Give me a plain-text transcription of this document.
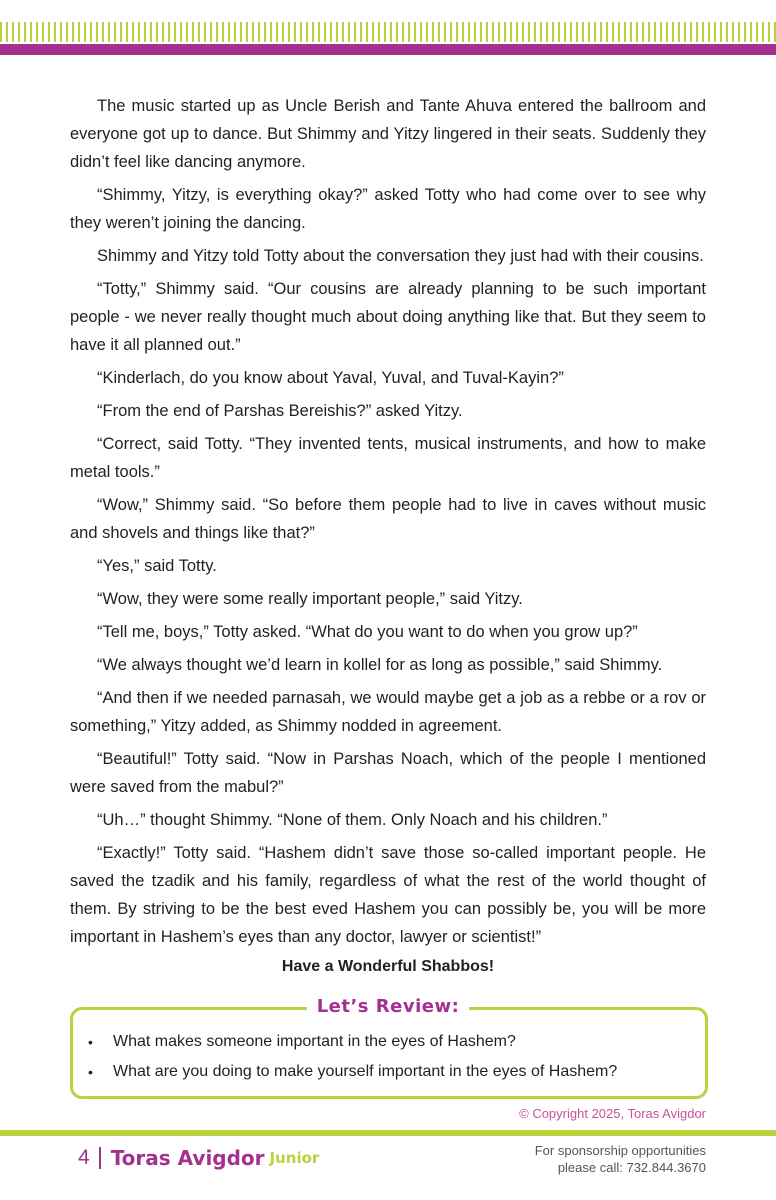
The music started up as Uncle Berish and Tante Ahuva entered the ballroom and everyone got up to dance. But Shimmy and Yitzy lingered in their seats. Suddenly they didn’t feel like dancing anymore.

“Shimmy, Yitzy, is everything okay?” asked Totty who had come over to see why they weren’t joining the dancing.

Shimmy and Yitzy told Totty about the conversation they just had with their cousins.

“Totty,” Shimmy said. “Our cousins are already planning to be such important people - we never really thought much about doing anything like that. But they seem to have it all planned out.”

“Kinderlach, do you know about Yaval, Yuval, and Tuval-Kayin?”

“From the end of Parshas Bereishis?” asked Yitzy.

“Correct, said Totty. “They invented tents, musical instruments, and how to make metal tools.”

“Wow,” Shimmy said. “So before them people had to live in caves without music and shovels and things like that?”

“Yes,” said Totty.

“Wow, they were some really important people,” said Yitzy.

“Tell me, boys,” Totty asked. “What do you want to do when you grow up?”

“We always thought we’d learn in kollel for as long as possible,” said Shimmy.

“And then if we needed parnasah, we would maybe get a job as a rebbe or a rov or something,” Yitzy added, as Shimmy nodded in agreement.

“Beautiful!” Totty said. “Now in Parshas Noach, which of the people I mentioned were saved from the mabul?”

“Uh…” thought Shimmy. “None of them. Only Noach and his children.”

“Exactly!” Totty said. “Hashem didn’t save those so-called important people. He saved the tzadik and his family, regardless of what the rest of the world thought of them. By striving to be the best eved Hashem you can possibly be, you will be more important in Hashem’s eyes than any doctor, lawyer or scientist!”

Have a Wonderful Shabbos!
Let’s Review:
•	What makes someone important in the eyes of Hashem?
•	What are you doing to make yourself important in the eyes of Hashem?
© Copyright 2025, Toras Avigdor
4 Toras Avigdor Junior	For sponsorship opportunities
please call: 732.844.3670
